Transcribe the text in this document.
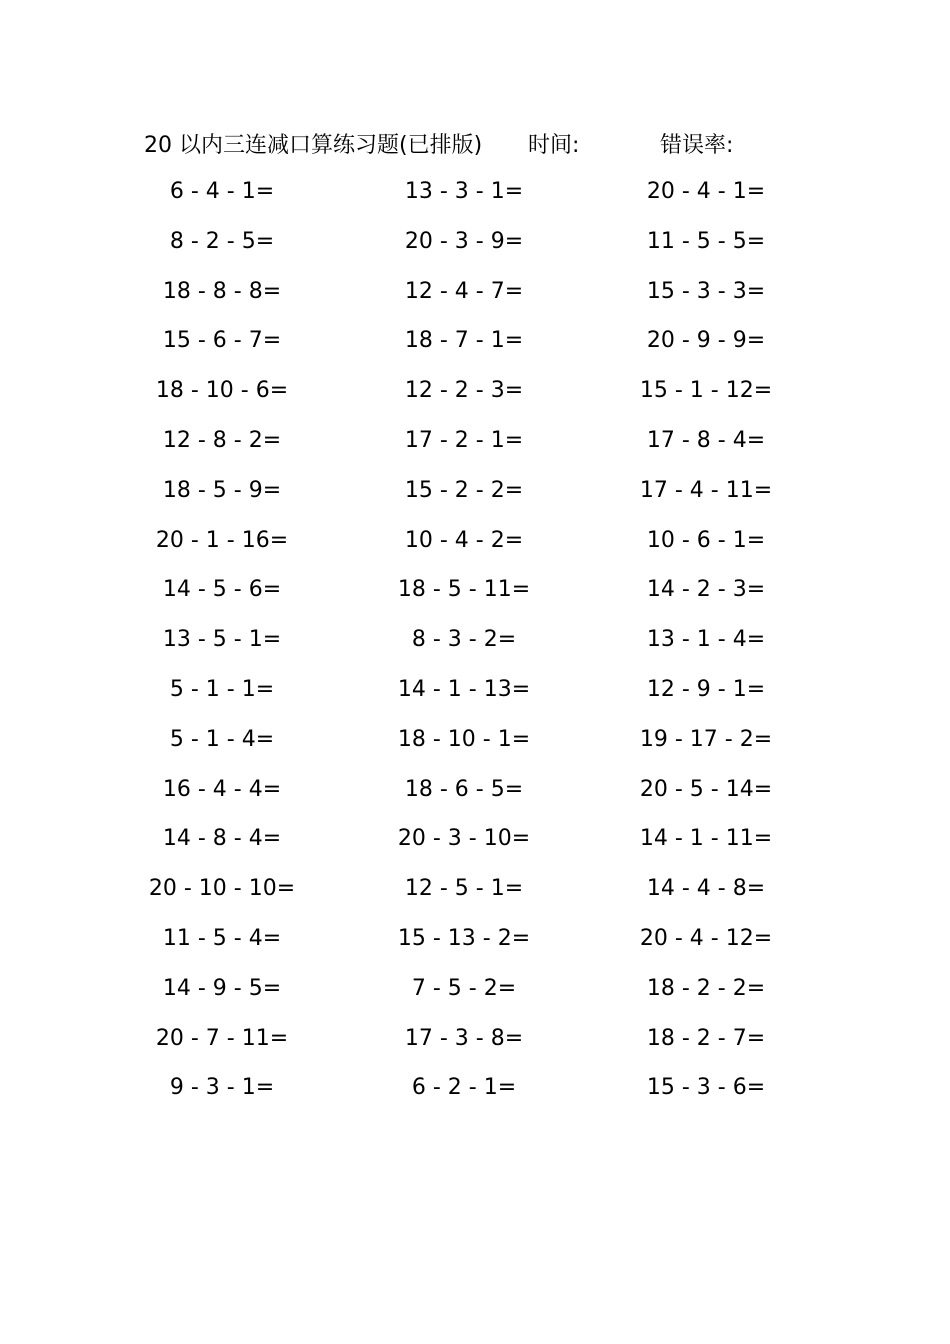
20 以内三连减口算练习题(已排版) 时间:	错误率:
6 - 4 - 1=	13 - 3 - 1=	20 - 4 - 1=
8 - 2 - 5=	20 - 3 - 9=	11 - 5 - 5=
18 - 8 - 8=	12 - 4 - 7=	15 - 3 - 3=
15 - 6 - 7=	18 - 7 - 1=	20 - 9 - 9=
18 - 10 - 6=	12 - 2 - 3=	15 - 1 - 12=
12 - 8 - 2=	17 - 2 - 1=	17 - 8 - 4=
18 - 5 - 9=	15 - 2 - 2=	17 - 4 - 11=
20 - 1 - 16=	10 - 4 - 2=	10 - 6 - 1=
14 - 5 - 6=	18 - 5 - 11=	14 - 2 - 3=
13 - 5 - 1=	8 - 3 - 2=	13 - 1 - 4=
5 - 1 - 1=	14 - 1 - 13=	12 - 9 - 1=
5 - 1 - 4=	18 - 10 - 1=	19 - 17 - 2=
16 - 4 - 4=	18 - 6 - 5=	20 - 5 - 14=
14 - 8 - 4=	20 - 3 - 10=	14 - 1 - 11=
20 - 10 - 10=	12 - 5 - 1=	14 - 4 - 8=
11 - 5 - 4=	15 - 13 - 2=	20 - 4 - 12=
14 - 9 - 5=	7 - 5 - 2=	18 - 2 - 2=
20 - 7 - 11=	17 - 3 - 8=	18 - 2 - 7=
9 - 3 - 1=	6 - 2 - 1=	15 - 3 - 6=
